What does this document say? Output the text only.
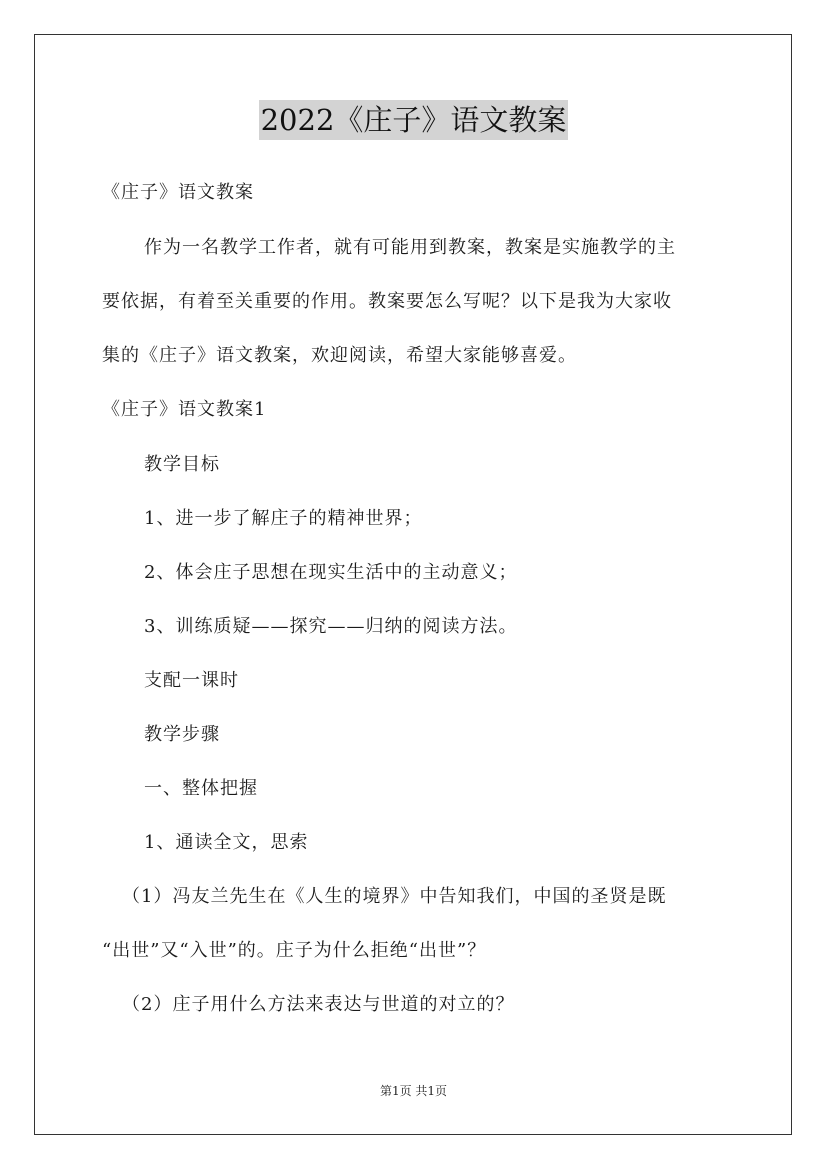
2022《庄子》语文教案
《庄子》语文教案
作为一名教学工作者，就有可能用到教案，教案是实施教学的主
要依据，有着至关重要的作用。教案要怎么写呢？以下是我为大家收
集的《庄子》语文教案，欢迎阅读，希望大家能够喜爱。
《庄子》语文教案1
教学目标
1、进一步了解庄子的精神世界；
2、体会庄子思想在现实生活中的主动意义；
3、训练质疑——探究——归纳的阅读方法。
支配一课时
教学步骤
一、整体把握
1、通读全文，思索
（1）冯友兰先生在《人生的境界》中告知我们，中国的圣贤是既
“出世”又“入世”的。庄子为什么拒绝“出世”？
（2）庄子用什么方法来表达与世道的对立的？
第1页 共1页
